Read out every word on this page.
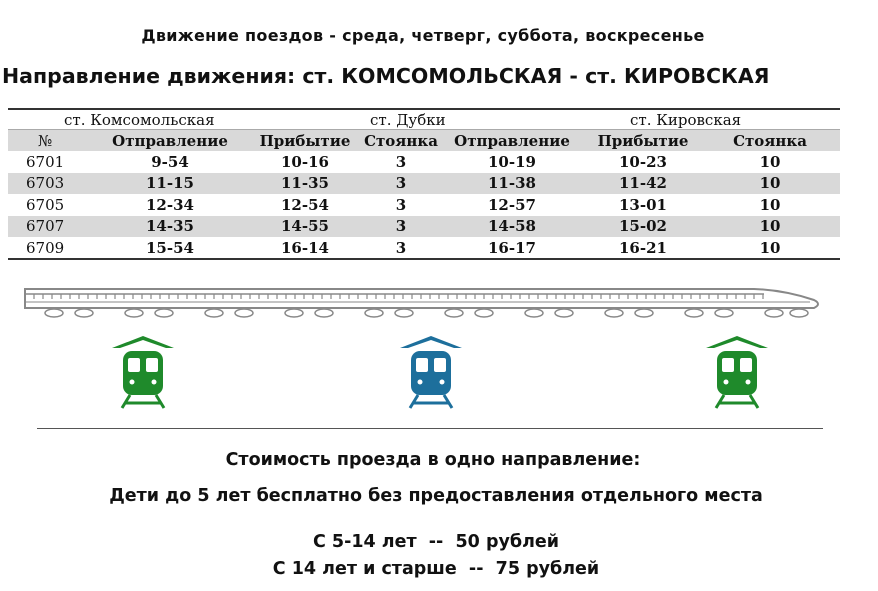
Движение поездов - среда, четверг, суббота, воскресенье
Направление движения: ст. КОМСОМОЛЬСКАЯ - ст. КИРОВСКАЯ
ст. Комсомольская			ст. Дубки		ст. Кировская	
№	Отправление	Прибытие	Стоянка	Отправление	Прибытие	Стоянка
6701	9-54	10-16	3	10-19	10-23	10
6703	11-15	11-35	3	11-38	11-42	10
6705	12-34	12-54	3	12-57	13-01	10
6707	14-35	14-55	3	14-58	15-02	10
6709	15-54	16-14	3	16-17	16-21	10
Стоимость проезда в одно направление:
Дети до 5 лет бесплатно без предоставления отдельного места
С 5-14 лет  --  50 рублей
С 14 лет и старше  --  75 рублей
